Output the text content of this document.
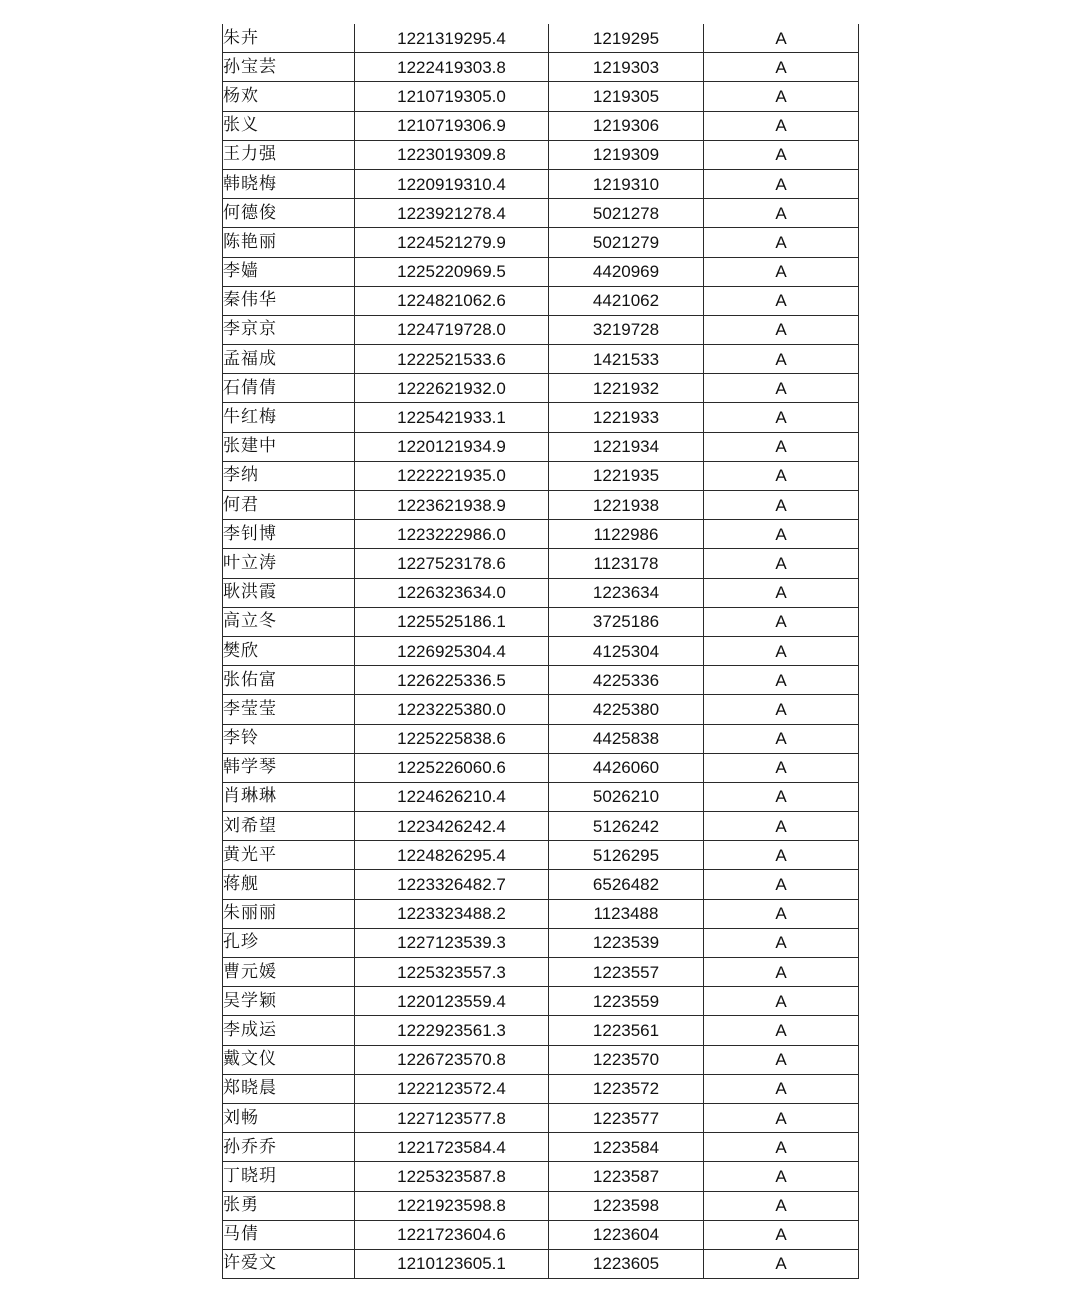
朱卉	1221319295.4	1219295	A
孙宝芸	1222419303.8	1219303	A
杨欢	1210719305.0	1219305	A
张义	1210719306.9	1219306	A
王力强	1223019309.8	1219309	A
韩晓梅	1220919310.4	1219310	A
何德俊	1223921278.4	5021278	A
陈艳丽	1224521279.9	5021279	A
李嫱	1225220969.5	4420969	A
秦伟华	1224821062.6	4421062	A
李京京	1224719728.0	3219728	A
孟福成	1222521533.6	1421533	A
石倩倩	1222621932.0	1221932	A
牛红梅	1225421933.1	1221933	A
张建中	1220121934.9	1221934	A
李纳	1222221935.0	1221935	A
何君	1223621938.9	1221938	A
李钊博	1223222986.0	1122986	A
叶立涛	1227523178.6	1123178	A
耿洪霞	1226323634.0	1223634	A
高立冬	1225525186.1	3725186	A
樊欣	1226925304.4	4125304	A
张佑富	1226225336.5	4225336	A
李莹莹	1223225380.0	4225380	A
李铃	1225225838.6	4425838	A
韩学琴	1225226060.6	4426060	A
肖琳琳	1224626210.4	5026210	A
刘希望	1223426242.4	5126242	A
黄光平	1224826295.4	5126295	A
蒋舰	1223326482.7	6526482	A
朱丽丽	1223323488.2	1123488	A
孔珍	1227123539.3	1223539	A
曹元媛	1225323557.3	1223557	A
吴学颖	1220123559.4	1223559	A
李成运	1222923561.3	1223561	A
戴文仪	1226723570.8	1223570	A
郑晓晨	1222123572.4	1223572	A
刘畅	1227123577.8	1223577	A
孙乔乔	1221723584.4	1223584	A
丁晓玥	1225323587.8	1223587	A
张勇	1221923598.8	1223598	A
马倩	1221723604.6	1223604	A
许爱文	1210123605.1	1223605	A
